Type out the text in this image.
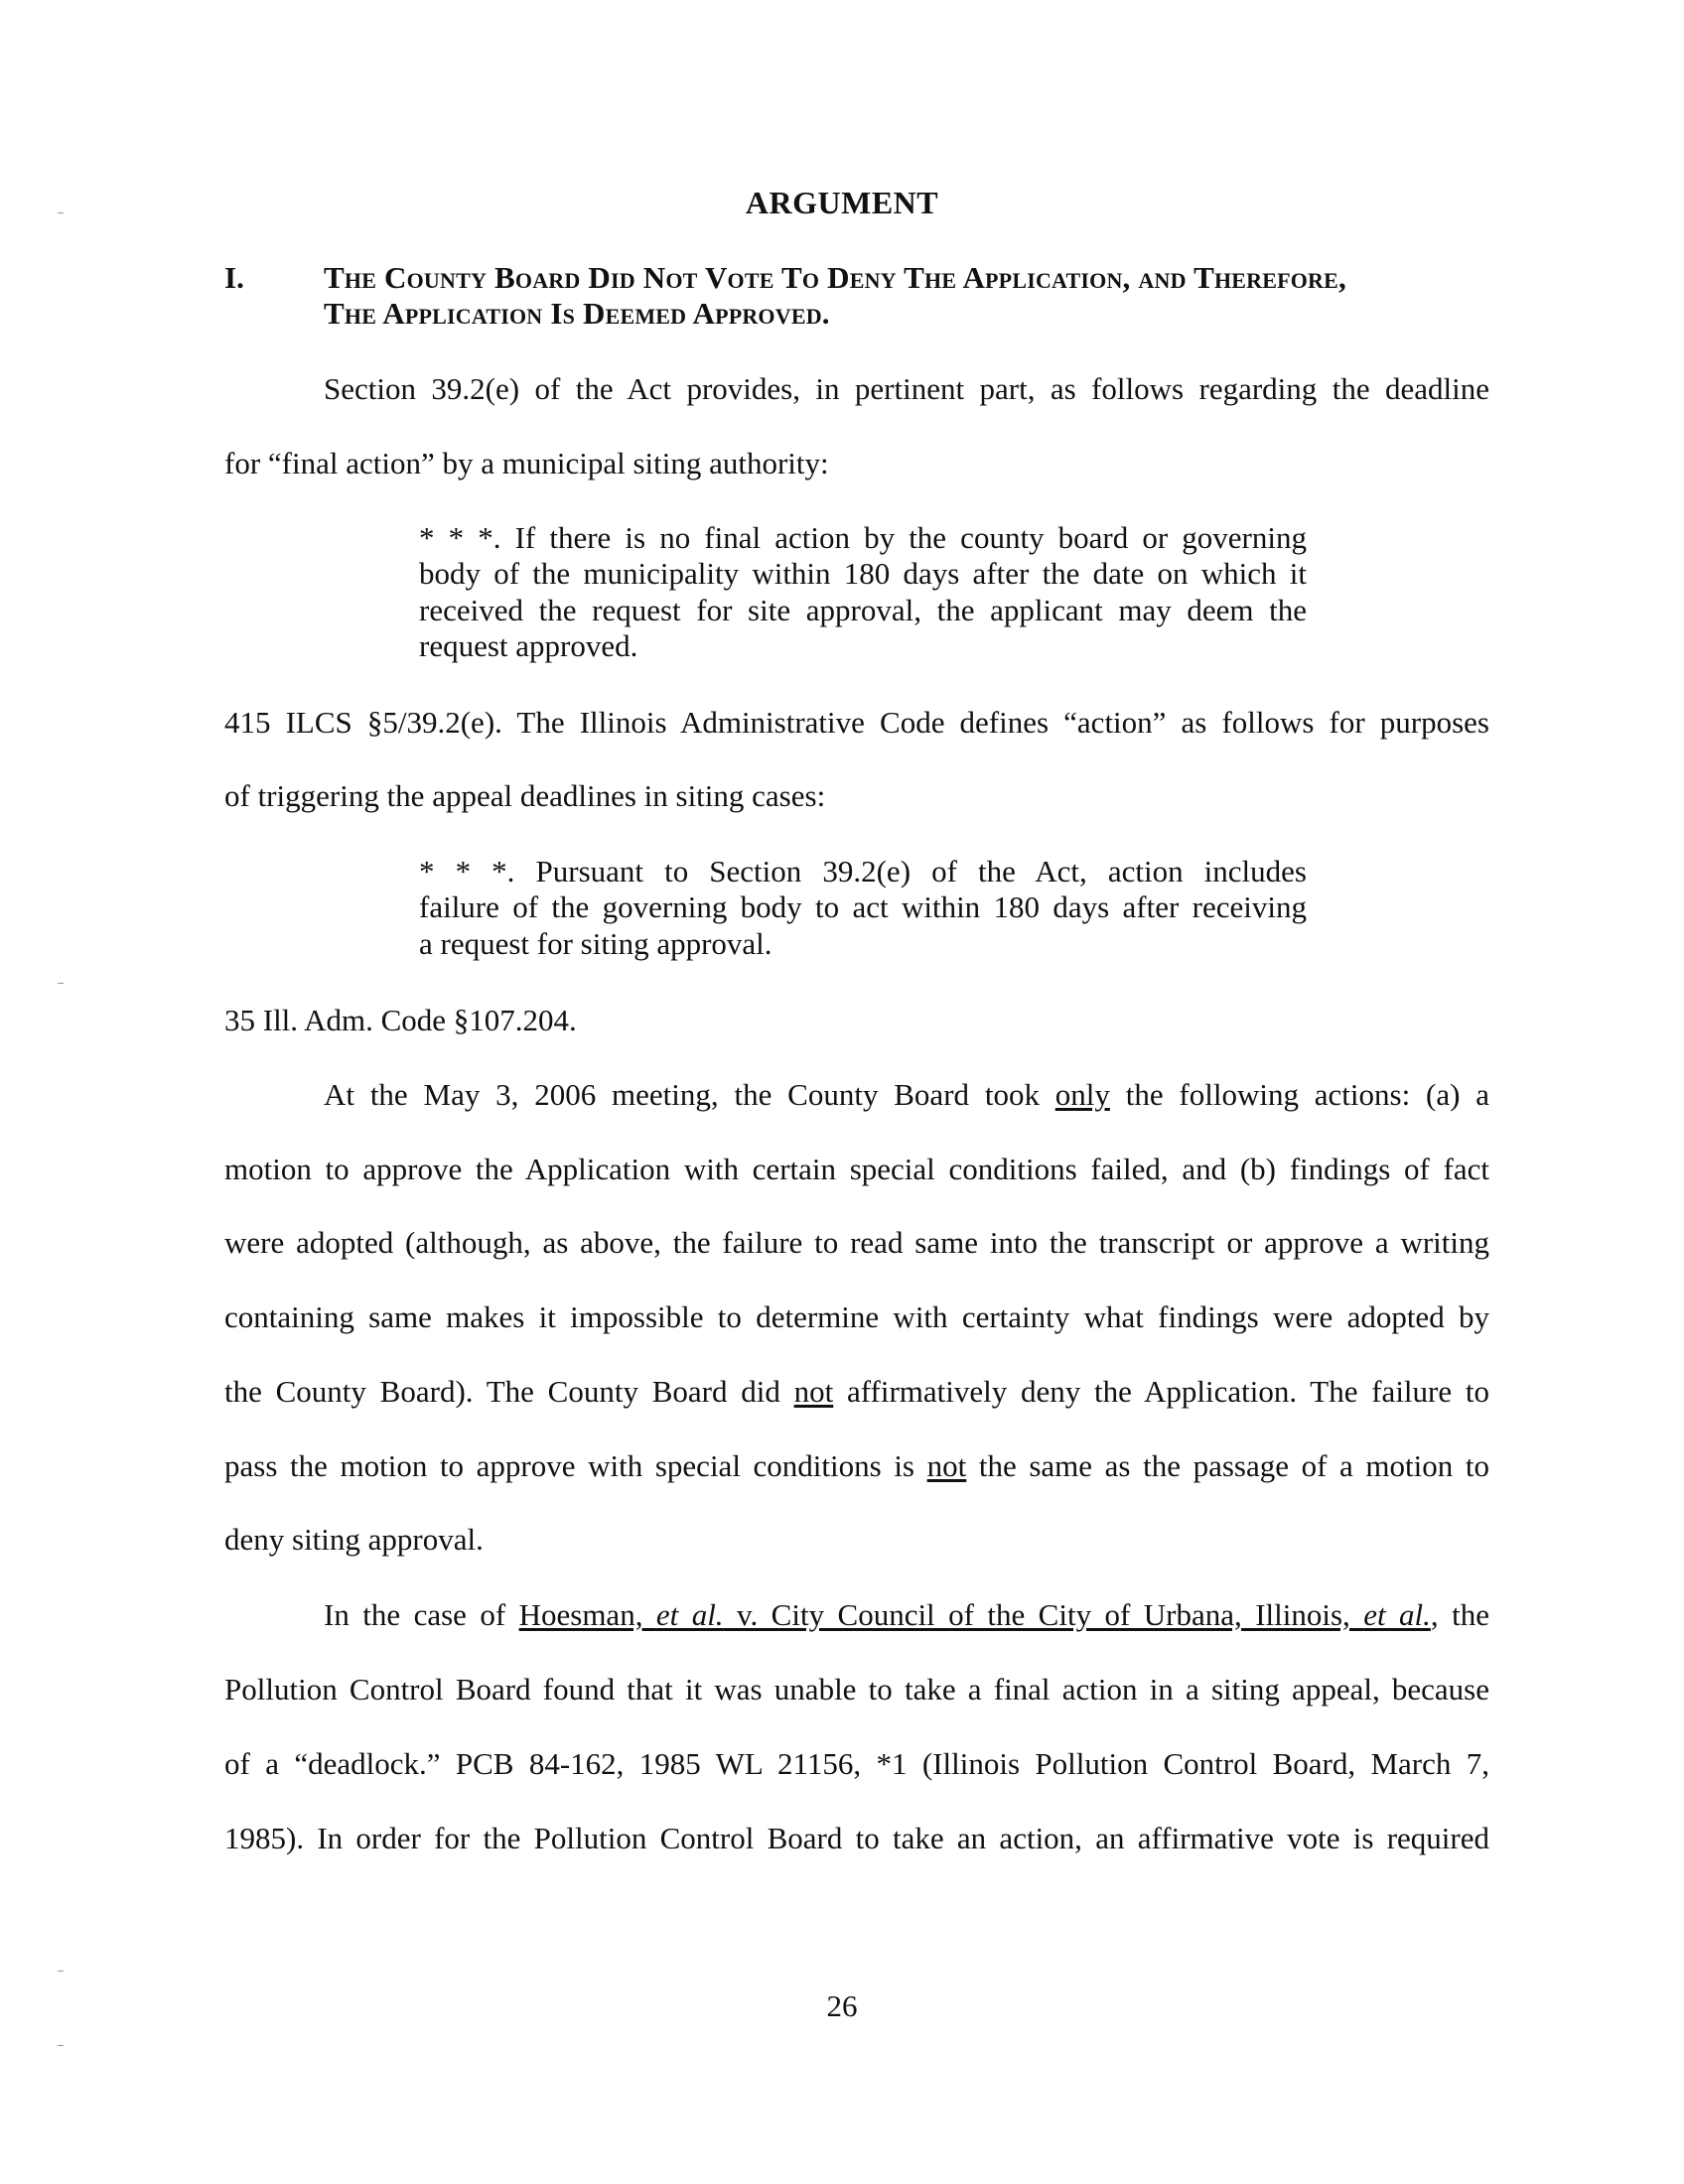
ARGUMENT
I.	The County Board Did Not Vote To Deny The Application, and Therefore,
The Application Is Deemed Approved.
Section 39.2(e) of the Act provides, in pertinent part, as follows regarding the deadline
for “final action” by a municipal siting authority:
* * *. If there is no final action by the county board or governing
body of the municipality within 180 days after the date on which it
received the request for site approval, the applicant may deem the
request approved.
415 ILCS §5/39.2(e). The Illinois Administrative Code defines “action” as follows for purposes
of triggering the appeal deadlines in siting cases:
* * *. Pursuant to Section 39.2(e) of the Act, action includes
failure of the governing body to act within 180 days after receiving
a request for siting approval.
35 Ill. Adm. Code §107.204.
At the May 3, 2006 meeting, the County Board took only the following actions: (a) a
motion to approve the Application with certain special conditions failed, and (b) findings of fact
were adopted (although, as above, the failure to read same into the transcript or approve a writing
containing same makes it impossible to determine with certainty what findings were adopted by
the County Board). The County Board did not affirmatively deny the Application. The failure to
pass the motion to approve with special conditions is not the same as the passage of a motion to
deny siting approval.
In the case of Hoesman, et al. v. City Council of the City of Urbana, Illinois, et al., the
Pollution Control Board found that it was unable to take a final action in a siting appeal, because
of a “deadlock.” PCB 84-162, 1985 WL 21156, *1 (Illinois Pollution Control Board, March 7,
1985). In order for the Pollution Control Board to take an action, an affirmative vote is required
26
